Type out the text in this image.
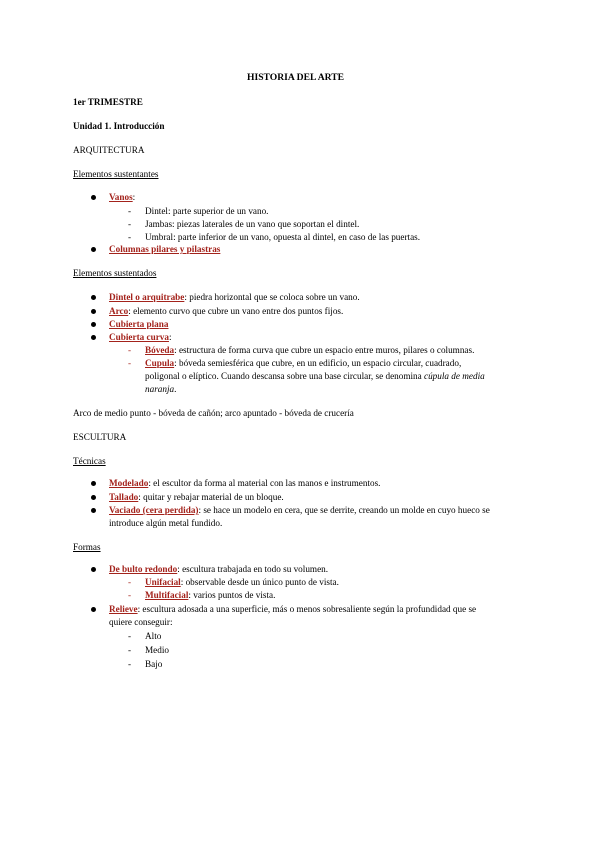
HISTORIA DEL ARTE
1er TRIMESTRE
Unidad 1. Introducción
ARQUITECTURA
Elementos sustentantes
Vanos:
- Dintel: parte superior de un vano.
- Jambas: piezas laterales de un vano que soportan el dintel.
- Umbral: parte inferior de un vano, opuesta al dintel, en caso de las puertas.
Columnas pilares y pilastras
Elementos sustentados
Dintel o arquitrabe: piedra horizontal que se coloca sobre un vano.
Arco: elemento curvo que cubre un vano entre dos puntos fijos.
Cubierta plana
Cubierta curva:
- Bóveda: estructura de forma curva que cubre un espacio entre muros, pilares o columnas.
- Cupula: bóveda semiesférica que cubre, en un edificio, un espacio circular, cuadrado,
poligonal o elíptico. Cuando descansa sobre una base circular, se denomina cúpula de media
naranja.
Arco de medio punto - bóveda de cañón; arco apuntado - bóveda de crucería
ESCULTURA
Técnicas
Modelado: el escultor da forma al material con las manos e instrumentos.
Tallado: quitar y rebajar material de un bloque.
Vaciado (cera perdida): se hace un modelo en cera, que se derrite, creando un molde en cuyo hueco se
introduce algún metal fundido.
Formas
De bulto redondo: escultura trabajada en todo su volumen.
- Unifacial: observable desde un único punto de vista.
- Multifacial: varios puntos de vista.
Relieve: escultura adosada a una superficie, más o menos sobresaliente según la profundidad que se
quiere conseguir:
- Alto
- Medio
- Bajo
